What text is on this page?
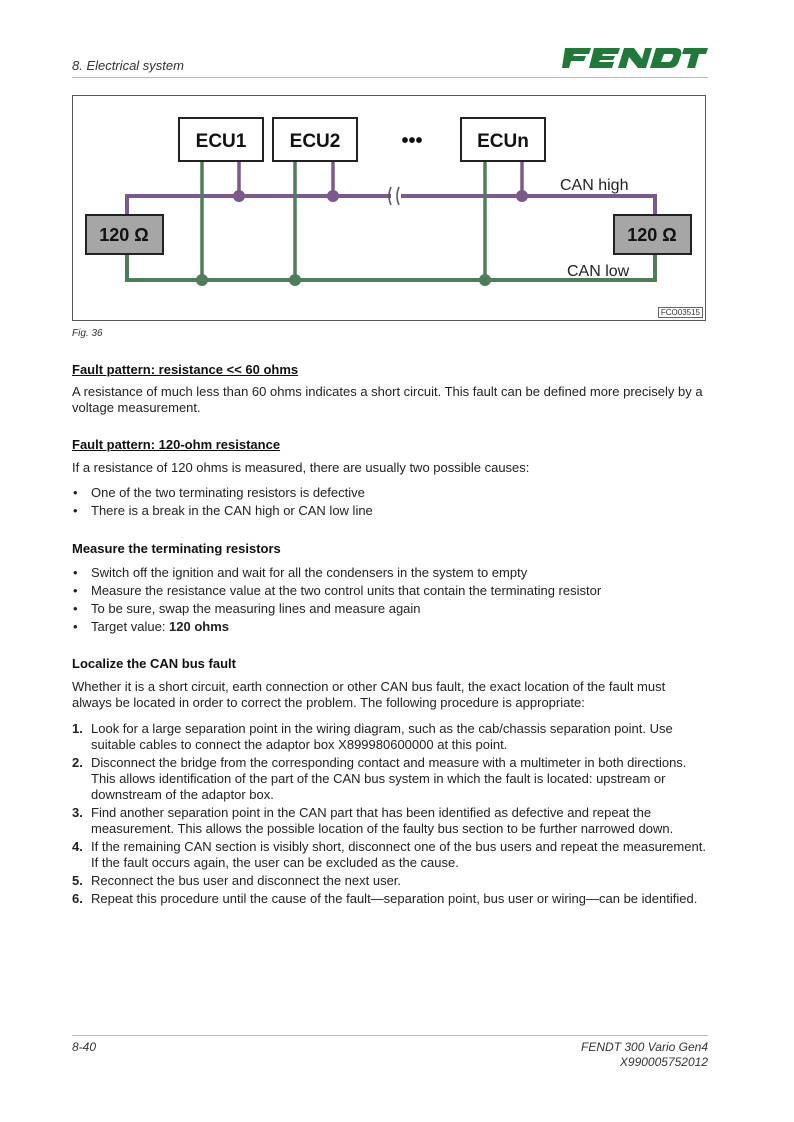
8. Electrical system
ECU1 ECU2	•••	ECUn
120 Ω	120 Ω
CAN high
CAN low
FCO03515
Fig. 36
Fault pattern: resistance << 60 ohms

A resistance of much less than 60 ohms indicates a short circuit. This fault can be defined more precisely by a voltage measurement.

Fault pattern: 120-ohm resistance

If a resistance of 120 ohms is measured, there are usually two possible causes:

• One of the two terminating resistors is defective
• There is a break in the CAN high or CAN low line
Measure the terminating resistors
• Switch off the ignition and wait for all the condensers in the system to empty
• Measure the resistance value at the two control units that contain the terminating resistor
• To be sure, swap the measuring lines and measure again
• Target value: 120 ohms
Localize the CAN bus fault

Whether it is a short circuit, earth connection or other CAN bus fault, the exact location of the fault must always be located in order to correct the problem. The following procedure is appropriate:

1. Look for a large separation point in the wiring diagram, such as the cab/chassis separation point. Use suitable cables to connect the adaptor box X899980600000 at this point.
2. Disconnect the bridge from the corresponding contact and measure with a multimeter in both directions. This allows identification of the part of the CAN bus system in which the fault is located: upstream or downstream of the adaptor box.
3. Find another separation point in the CAN part that has been identified as defective and repeat the measurement. This allows the possible location of the faulty bus section to be further narrowed down.
4. If the remaining CAN section is visibly short, disconnect one of the bus users and repeat the measurement. If the fault occurs again, the user can be excluded as the cause.
5. Reconnect the bus user and disconnect the next user.
6. Repeat this procedure until the cause of the fault—separation point, bus user or wiring—can be identified.
8-40	FENDT 300 Vario Gen4
X990005752012
